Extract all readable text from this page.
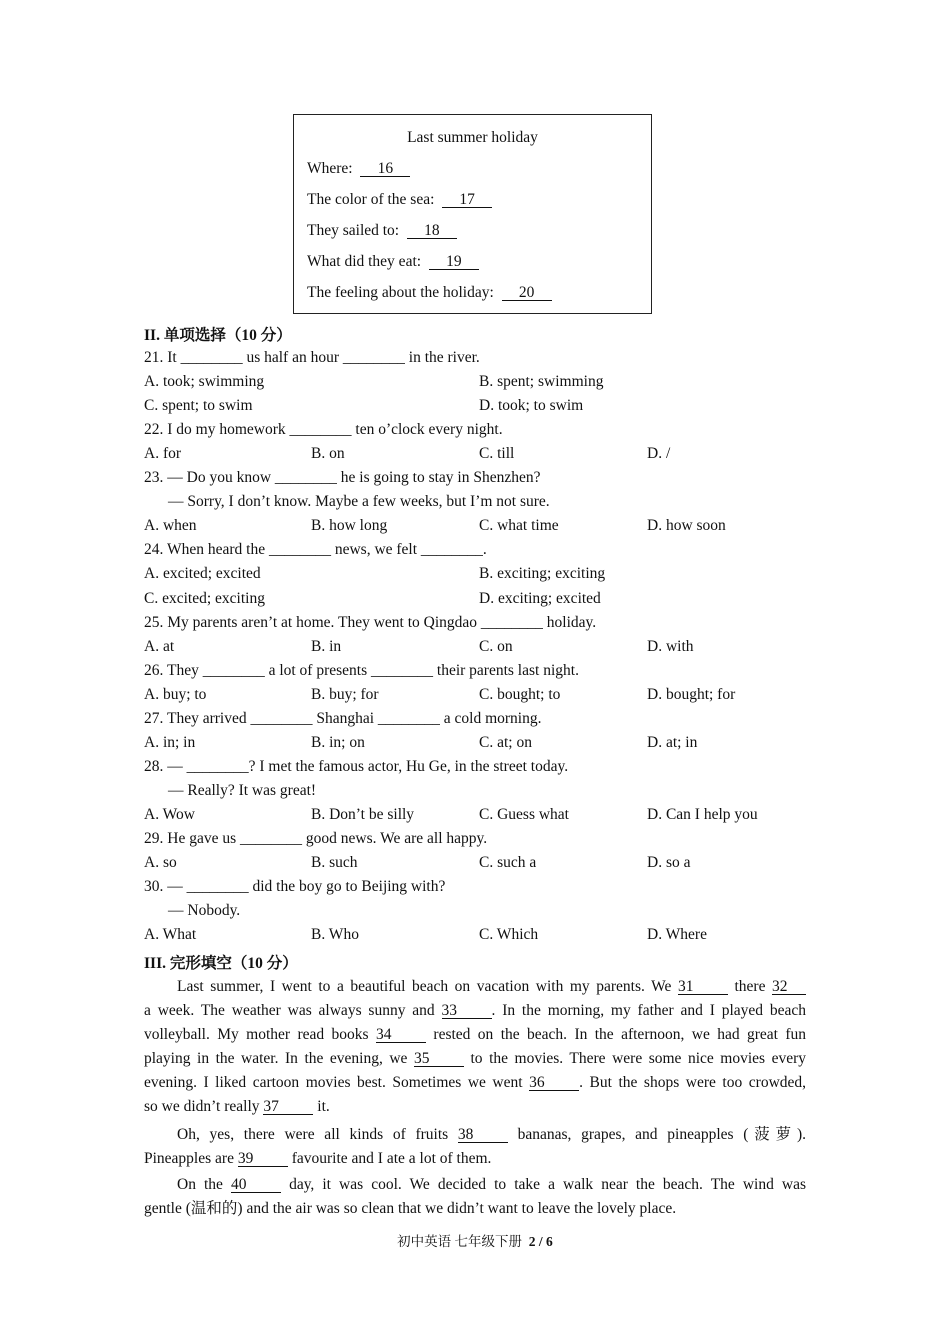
Last summer holiday
Where: 16
The color of the sea: 17
They sailed to: 18
What did they eat: 19
The feeling about the holiday: 20
II. 单项选择（10 分）
21. It ________ us half an hour ________ in the river.
A. took; swimming	B. spent; swimming
C. spent; to swim	D. took; to swim
22. I do my homework ________ ten o’clock every night.
A. for	B. on	C. till	D. /
23. — Do you know ________ he is going to stay in Shenzhen?
— Sorry, I don’t know. Maybe a few weeks, but I’m not sure.
A. when	B. how long	C. what time	D. how soon
24. When heard the ________ news, we felt ________.
A. excited; excited	B. exciting; exciting
C. excited; exciting	D. exciting; excited
25. My parents aren’t at home. They went to Qingdao ________ holiday.
A. at	B. in	C. on	D. with
26. They ________ a lot of presents ________ their parents last night.
A. buy; to	B. buy; for	C. bought; to	D. bought; for
27. They arrived ________ Shanghai ________ a cold morning.
A. in; in	B. in; on	C. at; on	D. at; in
28. — ________? I met the famous actor, Hu Ge, in the street today.
— Really? It was great!
A. Wow	B. Don’t be silly	C. Guess what	D. Can I help you
29. He gave us ________ good news. We are all happy.
A. so	B. such	C. such a	D. so a
30. — ________ did the boy go to Beijing with?
— Nobody.
A. What	B. Who	C. Which	D. Where
III. 完形填空（10 分）
Last summer, I went to a beautiful beach on vacation with my parents. We 31	there 32
a week. The weather was always sunny and 33 . In the morning, my father and I played beach
volleyball. My mother read books 34	rested on the beach. In the afternoon, we had great fun
playing in the water. In the evening, we 35	to the movies. There were some nice movies every
evening. I liked cartoon movies best. Sometimes we went 36 . But the shops were too crowded,
so we didn’t really 37 it.
Oh, yes, there were all kinds of fruits 38	bananas, grapes, and pineapples (菠萝).
Pineapples are 39 favourite and I ate a lot of them.
On the 40	day, it was cool. We decided to take a walk near the beach. The wind was
gentle (温和的) and the air was so clean that we didn’t want to leave the lovely place.
初中英语 七年级下册 2 / 6
